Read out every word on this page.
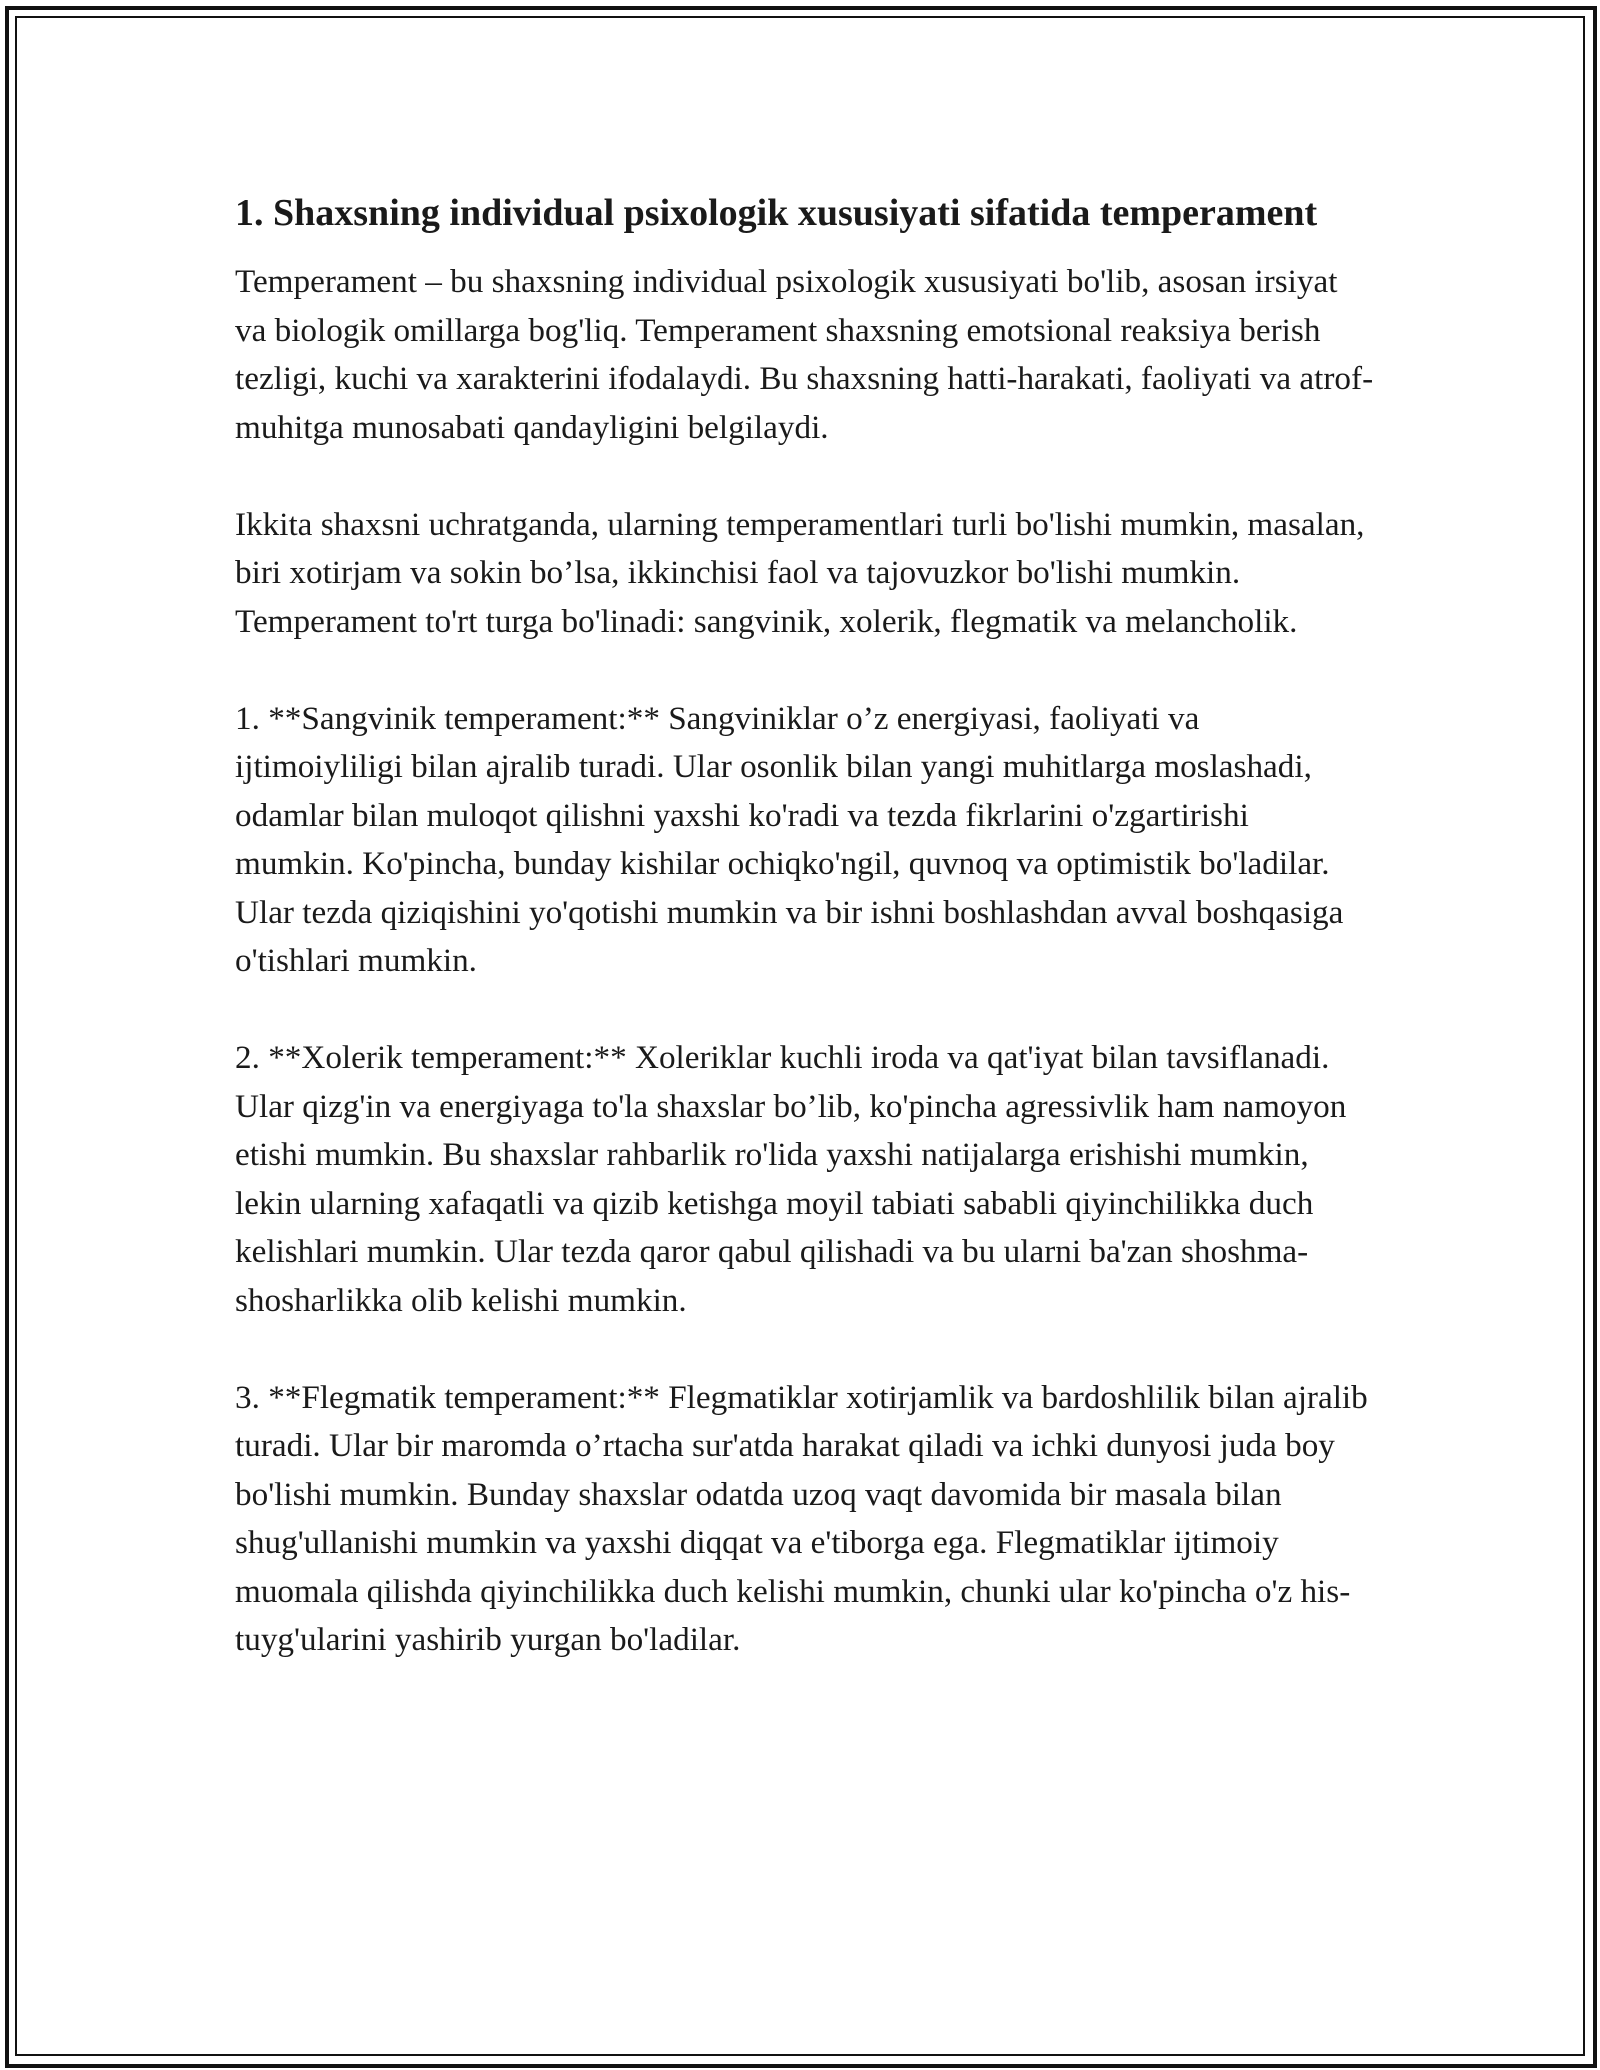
1. Shaxsning individual psixologik xususiyati sifatida temperament

Temperament – bu shaxsning individual psixologik xususiyati bo'lib, asosan irsiyat va biologik omillarga bog'liq. Temperament shaxsning emotsional reaksiya berish tezligi, kuchi va xarakterini ifodalaydi. Bu shaxsning hatti-harakati, faoliyati va atrof-muhitga munosabati qandayligini belgilaydi.

Ikkita shaxsni uchratganda, ularning temperamentlari turli bo'lishi mumkin, masalan, biri xotirjam va sokin bo’lsa, ikkinchisi faol va tajovuzkor bo'lishi mumkin. Temperament to'rt turga bo'linadi: sangvinik, xolerik, flegmatik va melancholik.

1. **Sangvinik temperament:** Sangviniklar o’z energiyasi, faoliyati va ijtimoiyliligi bilan ajralib turadi. Ular osonlik bilan yangi muhitlarga moslashadi, odamlar bilan muloqot qilishni yaxshi ko'radi va tezda fikrlarini o'zgartirishi mumkin. Ko'pincha, bunday kishilar ochiqko'ngil, quvnoq va optimistik bo'ladilar. Ular tezda qiziqishini yo'qotishi mumkin va bir ishni boshlashdan avval boshqasiga o'tishlari mumkin.

2. **Xolerik temperament:** Xoleriklar kuchli iroda va qat'iyat bilan tavsiflanadi. Ular qizg'in va energiyaga to'la shaxslar bo’lib, ko'pincha agressivlik ham namoyon etishi mumkin. Bu shaxslar rahbarlik ro'lida yaxshi natijalarga erishishi mumkin, lekin ularning xafaqatli va qizib ketishga moyil tabiati sababli qiyinchilikka duch kelishlari mumkin. Ular tezda qaror qabul qilishadi va bu ularni ba'zan shoshma-shosharlikka olib kelishi mumkin.

3. **Flegmatik temperament:** Flegmatiklar xotirjamlik va bardoshlilik bilan ajralib turadi. Ular bir maromda o’rtacha sur'atda harakat qiladi va ichki dunyosi juda boy bo'lishi mumkin. Bunday shaxslar odatda uzoq vaqt davomida bir masala bilan shug'ullanishi mumkin va yaxshi diqqat va e'tiborga ega. Flegmatiklar ijtimoiy muomala qilishda qiyinchilikka duch kelishi mumkin, chunki ular ko'pincha o'z his-tuyg'ularini yashirib yurgan bo'ladilar.
